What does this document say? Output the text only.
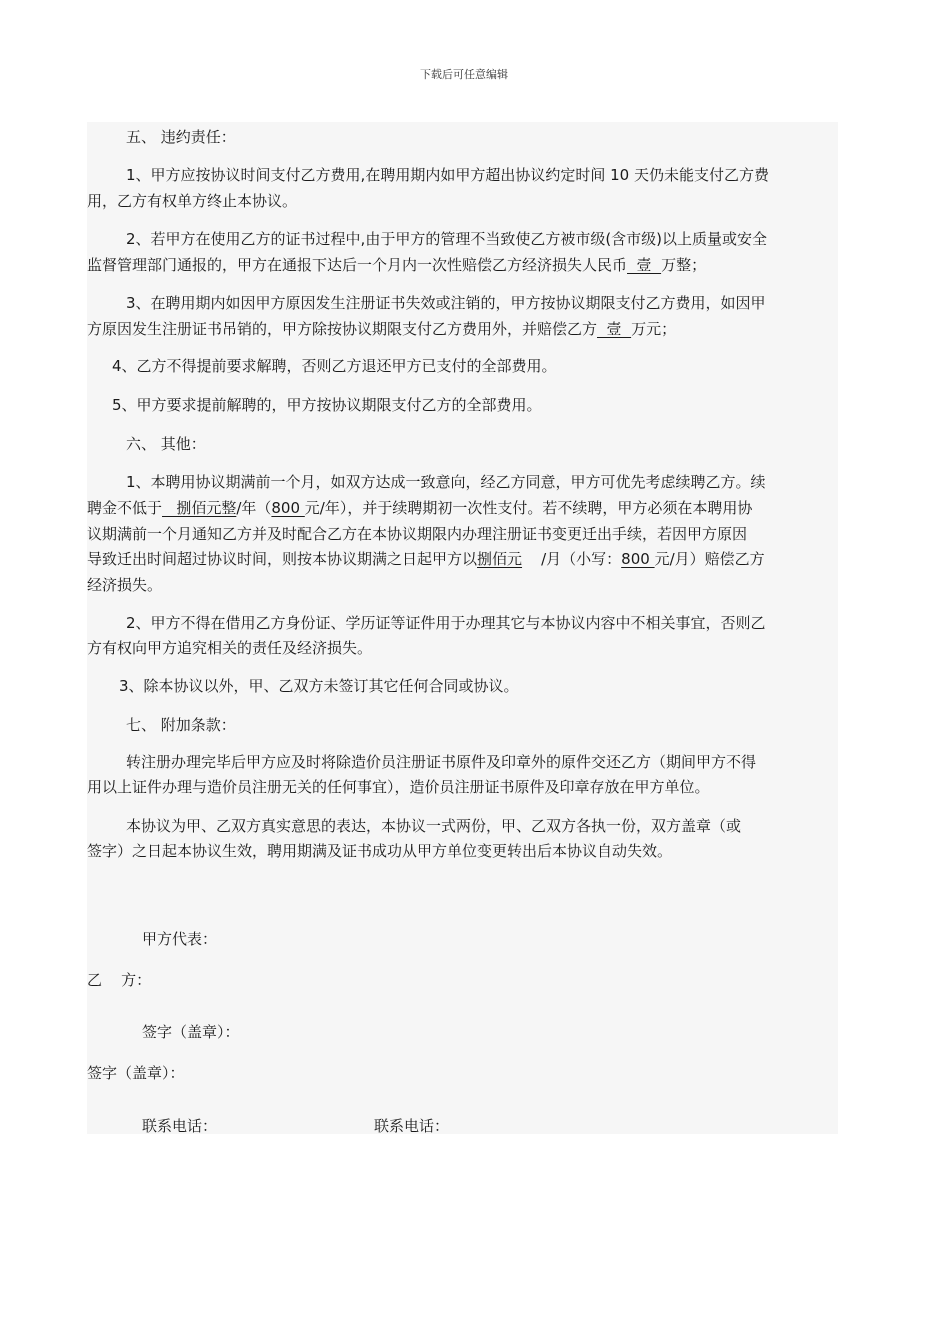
下载后可任意编辑
五、 违约责任：
1、甲方应按协议时间支付乙方费用,在聘用期内如甲方超出协议约定时间 10 天仍未能支付乙方费
用，乙方有权单方终止本协议。
2、若甲方在使用乙方的证书过程中,由于甲方的管理不当致使乙方被市级(含市级)以上质量或安全
监督管理部门通报的，甲方在通报下达后一个月内一次性赔偿乙方经济损失人民币  壹  万整；
3、在聘用期内如因甲方原因发生注册证书失效或注销的，甲方按协议期限支付乙方费用，如因甲
方原因发生注册证书吊销的，甲方除按协议期限支付乙方费用外，并赔偿乙方  壹  万元；
4、乙方不得提前要求解聘，否则乙方退还甲方已支付的全部费用。
5、甲方要求提前解聘的，甲方按协议期限支付乙方的全部费用。
六、 其他：
1、本聘用协议期满前一个月，如双方达成一致意向，经乙方同意，甲方可优先考虑续聘乙方。续
聘金不低于   捌佰元整/年（800 元/年），并于续聘期初一次性支付。若不续聘，甲方必须在本聘用协
议期满前一个月通知乙方并及时配合乙方在本协议期限内办理注册证书变更迁出手续，若因甲方原因
导致迁出时间超过协议时间，则按本协议期满之日起甲方以捌佰元    /月（小写：800 元/月）赔偿乙方
经济损失。
2、甲方不得在借用乙方身份证、学历证等证件用于办理其它与本协议内容中不相关事宜，否则乙
方有权向甲方追究相关的责任及经济损失。
3、除本协议以外，甲、乙双方未签订其它任何合同或协议。
七、 附加条款：
转注册办理完毕后甲方应及时将除造价员注册证书原件及印章外的原件交还乙方（期间甲方不得
用以上证件办理与造价员注册无关的任何事宜），造价员注册证书原件及印章存放在甲方单位。
本协议为甲、乙双方真实意思的表达，本协议一式两份，甲、乙双方各执一份，双方盖章（或
签字）之日起本协议生效，聘用期满及证书成功从甲方单位变更转出后本协议自动失效。
甲方代表：
乙    方：
签字（盖章）：
签字（盖章）：
联系电话：	联系电话：
